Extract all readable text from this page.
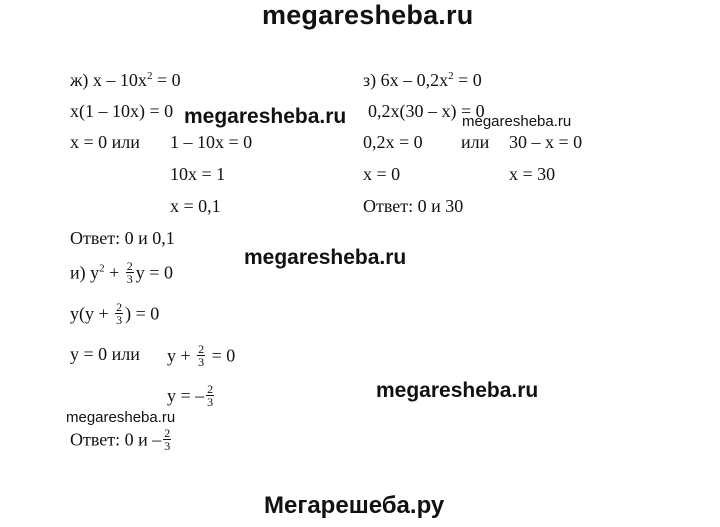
megaresheba.ru
megaresheba.ru	megaresheba.ru
megaresheba.ru
megaresheba.ru
megaresheba.ru
Мегарешеба.ру
ж) $x - 10x^2 = 0$
x(1 – 10x) = 0
x = 0 или 1 – 10x = 0
10x = 1
x = 0,1
Ответ: 0 и 0,1
з) $6x - 0,2x^2 = 0$
0,2x(30 – x) = 0
0,2x = 0 или 30 – x = 0
x = 0	x = 30
Ответ: 0 и 30
и) $y^2 + \frac{2}{3}$ y = 0
$y(y + \frac{2}{3}$ ) = 0
y = 0 или $y + \frac{2}{3} = 0$
y = – $\frac{2}{3}$
Ответ: 0 и – $\frac{2}{3}$
